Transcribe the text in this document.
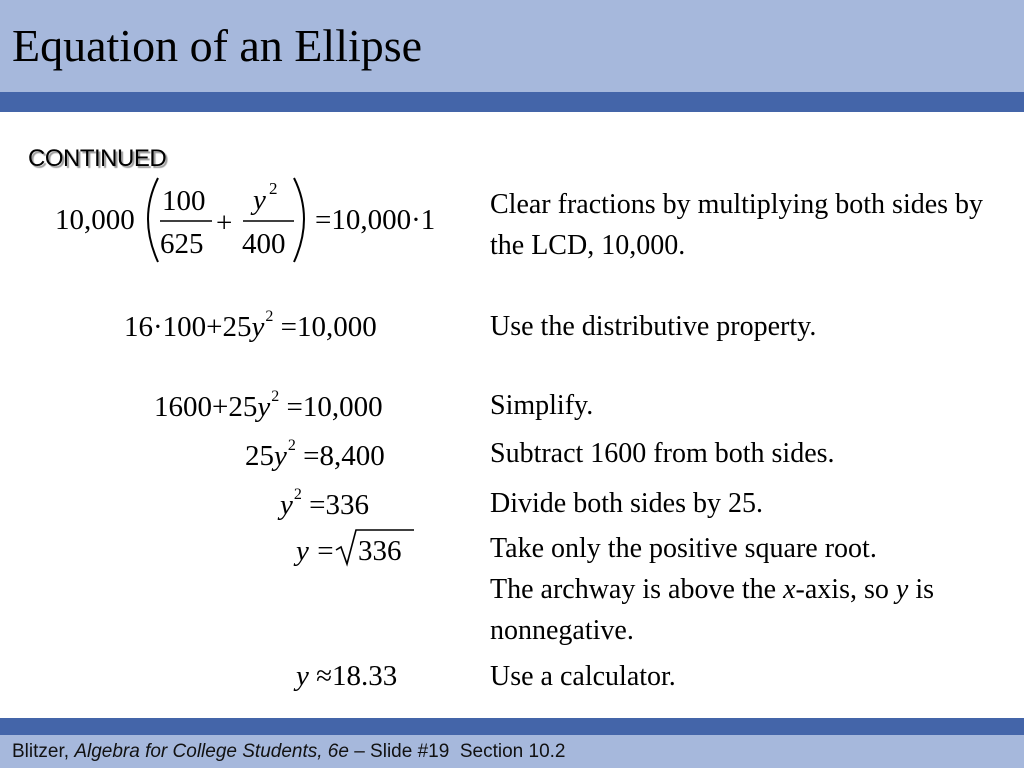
Equation of an Ellipse
CONTINUED
10,000
100
625
+
y 2
400
=10,000·1
$16\cdot 100+25y^2 =10,000$
$1600+25y^2 =10,000$
$25y^2 =8,400$
$y^2 =336$
y = 336
y ≈18.33
Clear fractions by multiplying both sides by the LCD, 10,000.
Use the distributive property.
Simplify.
Subtract 1600 from both sides.
Divide both sides by 25.
Take only the positive square root.
The archway is above the x-axis, so y is nonnegative.
Use a calculator.
Blitzer, Algebra for College Students, 6e – Slide #19  Section 10.2
